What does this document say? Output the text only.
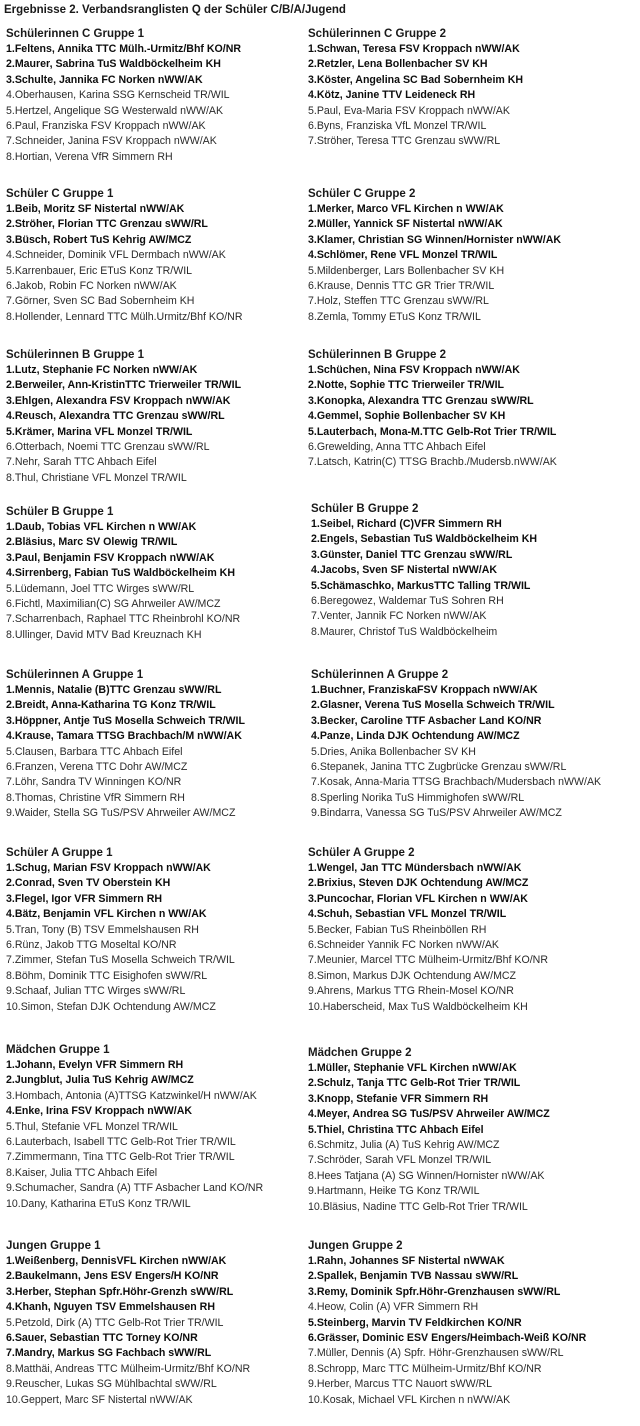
Ergebnisse 2. Verbandsranglisten Q der Schüler C/B/A/Jugend
Schülerinnen C Gruppe 1
1.Feltens, Annika TTC Mülh.-Urmitz/Bhf KO/NR
2.Maurer, Sabrina TuS Waldböckelheim KH
3.Schulte, Jannika FC Norken nWW/AK
4.Oberhausen, Karina SSG Kernscheid TR/WIL
5.Hertzel, Angelique SG Westerwald nWW/AK
6.Paul, Franziska FSV Kroppach nWW/AK
7.Schneider, Janina FSV Kroppach nWW/AK
8.Hortian, Verena VfR Simmern RH
Schülerinnen C Gruppe 2
1.Schwan, Teresa FSV Kroppach nWW/AK
2.Retzler, Lena Bollenbacher SV KH
3.Köster, Angelina SC Bad Sobernheim KH
4.Kötz, Janine TTV Leideneck RH
5.Paul, Eva-Maria FSV Kroppach nWW/AK
6.Byns, Franziska VfL Monzel TR/WIL
7.Ströher, Teresa TTC Grenzau sWW/RL
Schüler C Gruppe 1
1.Beib, Moritz SF Nistertal nWW/AK
2.Ströher, Florian TTC Grenzau sWW/RL
3.Büsch, Robert TuS Kehrig AW/MCZ
4.Schneider, Dominik VFL Dermbach nWW/AK
5.Karrenbauer, Eric ETuS Konz TR/WIL
6.Jakob, Robin FC Norken nWW/AK
7.Görner, Sven SC Bad Sobernheim KH
8.Hollender, Lennard TTC Mülh.Urmitz/Bhf KO/NR
Schüler C Gruppe 2
1.Merker, Marco VFL Kirchen n WW/AK
2.Müller, Yannick SF Nistertal nWW/AK
3.Klamer, Christian SG Winnen/Hornister nWW/AK
4.Schlömer, Rene VFL Monzel TR/WIL
5.Mildenberger, Lars Bollenbacher SV KH
6.Krause, Dennis TTC GR Trier TR/WIL
7.Holz, Steffen TTC Grenzau sWW/RL
8.Zemla, Tommy ETuS Konz TR/WIL
Schülerinnen B Gruppe 1
1.Lutz, Stephanie FC Norken nWW/AK
2.Berweiler, Ann-KristinTTC Trierweiler TR/WIL
3.Ehlgen, Alexandra FSV Kroppach nWW/AK
4.Reusch, Alexandra TTC Grenzau sWW/RL
5.Krämer, Marina VFL Monzel TR/WIL
6.Otterbach, Noemi TTC Grenzau sWW/RL
7.Nehr, Sarah TTC Ahbach Eifel
8.Thul, Christiane VFL Monzel TR/WIL
Schülerinnen B Gruppe 2
1.Schüchen, Nina FSV Kroppach nWW/AK
2.Notte, Sophie TTC Trierweiler TR/WIL
3.Konopka, Alexandra TTC Grenzau sWW/RL
4.Gemmel, Sophie Bollenbacher SV KH
5.Lauterbach, Mona-M.TTC Gelb-Rot Trier TR/WIL
6.Grewelding, Anna TTC Ahbach Eifel
7.Latsch, Katrin(C) TTSG Brachb./Mudersb.nWW/AK
Schüler B Gruppe 1
1.Daub, Tobias VFL Kirchen n WW/AK
2.Bläsius, Marc SV Olewig TR/WIL
3.Paul, Benjamin FSV Kroppach nWW/AK
4.Sirrenberg, Fabian TuS Waldböckelheim KH
5.Lüdemann, Joel TTC Wirges sWW/RL
6.Fichtl, Maximilian(C) SG Ahrweiler AW/MCZ
7.Scharrenbach, Raphael TTC Rheinbrohl KO/NR
8.Ullinger, David MTV Bad Kreuznach KH
Schüler B Gruppe 2
1.Seibel, Richard (C)VFR Simmern RH
2.Engels, Sebastian TuS Waldböckelheim KH
3.Günster, Daniel TTC Grenzau sWW/RL
4.Jacobs, Sven SF Nistertal nWW/AK
5.Schämaschko, MarkusTTC Talling TR/WIL
6.Beregowez, Waldemar TuS Sohren RH
7.Venter, Jannik FC Norken nWW/AK
8.Maurer, Christof TuS Waldböckelheim
Schülerinnen A Gruppe 1
1.Mennis, Natalie (B)TTC Grenzau sWW/RL
2.Breidt, Anna-Katharina TG Konz TR/WIL
3.Höppner, Antje TuS Mosella Schweich TR/WIL
4.Krause, Tamara TTSG Brachbach/M nWW/AK
5.Clausen, Barbara TTC Ahbach Eifel
6.Franzen, Verena TTC Dohr AW/MCZ
7.Löhr, Sandra TV Winningen KO/NR
8.Thomas, Christine VfR Simmern RH
9.Waider, Stella SG TuS/PSV Ahrweiler AW/MCZ
Schülerinnen A Gruppe 2
1.Buchner, FranziskaFSV Kroppach nWW/AK
2.Glasner, Verena TuS Mosella Schweich TR/WIL
3.Becker, Caroline TTF Asbacher Land KO/NR
4.Panze, Linda DJK Ochtendung AW/MCZ
5.Dries, Anika Bollenbacher SV KH
6.Stepanek, Janina TTC Zugbrücke Grenzau sWW/RL
7.Kosak, Anna-Maria TTSG Brachbach/Mudersbach nWW/AK
8.Sperling Norika TuS Himmighofen sWW/RL
9.Bindarra, Vanessa SG TuS/PSV Ahrweiler AW/MCZ
Schüler A Gruppe 1
1.Schug, Marian FSV Kroppach nWW/AK
2.Conrad, Sven TV Oberstein KH
3.Flegel, Igor VFR Simmern RH
4.Bätz, Benjamin VFL Kirchen n WW/AK
5.Tran, Tony (B) TSV Emmelshausen RH
6.Rünz, Jakob TTG Moseltal KO/NR
7.Zimmer, Stefan TuS Mosella Schweich TR/WIL
8.Böhm, Dominik TTC Eisighofen sWW/RL
9.Schaaf, Julian TTC Wirges sWW/RL
10.Simon, Stefan DJK Ochtendung AW/MCZ
Schüler A Gruppe 2
1.Wengel, Jan TTC Mündersbach nWW/AK
2.Brixius, Steven DJK Ochtendung AW/MCZ
3.Puncochar, Florian VFL Kirchen n WW/AK
4.Schuh, Sebastian VFL Monzel TR/WIL
5.Becker, Fabian TuS Rheinböllen RH
6.Schneider Yannik FC Norken nWW/AK
7.Meunier, Marcel TTC Mülheim-Urmitz/Bhf KO/NR
8.Simon, Markus DJK Ochtendung AW/MCZ
9.Ahrens, Markus TTG Rhein-Mosel KO/NR
10.Haberscheid, Max TuS Waldböckelheim KH
Mädchen Gruppe 1
1.Johann, Evelyn VFR Simmern RH
2.Jungblut, Julia TuS Kehrig AW/MCZ
3.Hombach, Antonia (A)TTSG Katzwinkel/H nWW/AK
4.Enke, Irina FSV Kroppach nWW/AK
5.Thul, Stefanie VFL Monzel TR/WIL
6.Lauterbach, Isabell TTC Gelb-Rot Trier TR/WIL
7.Zimmermann, Tina TTC Gelb-Rot Trier TR/WIL
8.Kaiser, Julia TTC Ahbach Eifel
9.Schumacher, Sandra (A) TTF Asbacher Land KO/NR
10.Dany, Katharina ETuS Konz TR/WIL
Mädchen Gruppe 2
1.Müller, Stephanie VFL Kirchen nWW/AK
2.Schulz, Tanja TTC Gelb-Rot Trier TR/WIL
3.Knopp, Stefanie VFR Simmern RH
4.Meyer, Andrea SG TuS/PSV Ahrweiler AW/MCZ
5.Thiel, Christina TTC Ahbach Eifel
6.Schmitz, Julia (A) TuS Kehrig AW/MCZ
7.Schröder, Sarah VFL Monzel TR/WIL
8.Hees Tatjana (A) SG Winnen/Hornister nWW/AK
9.Hartmann, Heike TG Konz TR/WIL
10.Bläsius, Nadine TTC Gelb-Rot Trier TR/WIL
Jungen Gruppe 1
1.Weißenberg, DennisVFL Kirchen nWW/AK
2.Baukelmann, Jens ESV Engers/H KO/NR
3.Herber, Stephan Spfr.Höhr-Grenzh sWW/RL
4.Khanh, Nguyen TSV Emmelshausen RH
5.Petzold, Dirk (A) TTC Gelb-Rot Trier TR/WIL
6.Sauer, Sebastian TTC Torney KO/NR
7.Mandry, Markus SG Fachbach sWW/RL
8.Matthäi, Andreas TTC Mülheim-Urmitz/Bhf KO/NR
9.Reuscher, Lukas SG Mühlbachtal sWW/RL
10.Geppert, Marc SF Nistertal nWW/AK
Jungen Gruppe 2
1.Rahn, Johannes SF Nistertal nWWAK
2.Spallek, Benjamin TVB Nassau sWW/RL
3.Remy, Dominik Spfr.Höhr-Grenzhausen sWW/RL
4.Heow, Colin (A) VFR Simmern RH
5.Steinberg, Marvin TV Feldkirchen KO/NR
6.Grässer, Dominic ESV Engers/Heimbach-Weiß KO/NR
7.Müller, Dennis (A) Spfr. Höhr-Grenzhausen sWW/RL
8.Schropp, Marc TTC Mülheim-Urmitz/Bhf KO/NR
9.Herber, Marcus TTC Nauort sWW/RL
10.Kosak, Michael VFL Kirchen n nWW/AK
